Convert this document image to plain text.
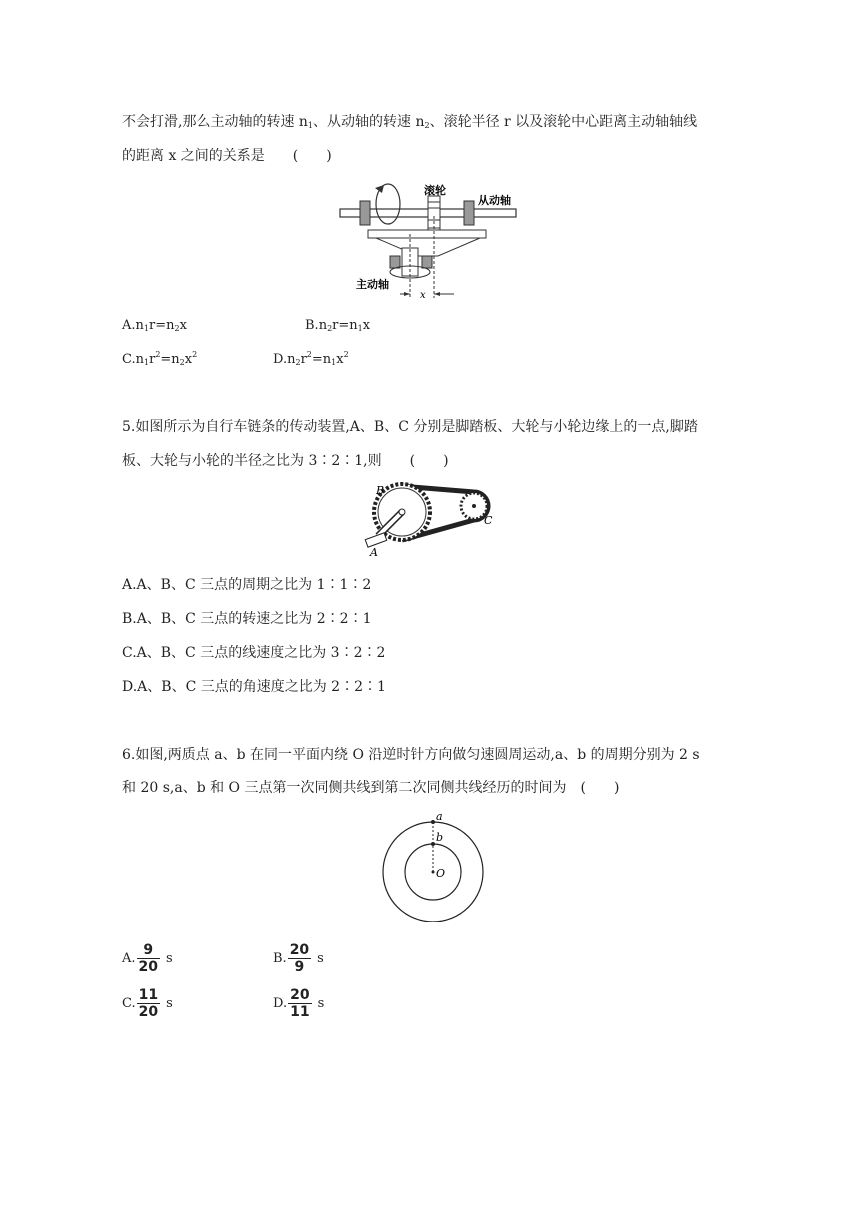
不会打滑,那么主动轴的转速 $n_1$、从动轴的转速 $n_2$、滚轮半径 r 以及滚轮中心距离主动轴轴线
的距离 x 之间的关系是　　(　　)
滚轮
从动轴
主动轴
x
$A.n_1r=n_2x$	$B.n_2r=n_1x$
$C.n_1r^2=n_2x^2$	$D.n_2r^2=n_1x^2$
5.如图所示为自行车链条的传动装置,A、B、C 分别是脚踏板、大轮与小轮边缘上的一点,脚踏
板、大轮与小轮的半径之比为 3∶2∶1,则　　(　　)
B
C
A
A.A、B、C 三点的周期之比为 1∶1∶2
B.A、B、C 三点的转速之比为 2∶2∶1
C.A、B、C 三点的线速度之比为 3∶2∶2
D.A、B、C 三点的角速度之比为 2∶2∶1
6.如图,两质点 a、b 在同一平面内绕 O 沿逆时针方向做匀速圆周运动,a、b 的周期分别为 2 s
和 20 s,a、b 和 O 三点第一次同侧共线到第二次同侧共线经历的时间为　(　　)
a
b
O
A. $\frac{9}{20}$ s	B. $\frac{20}{9}$ s
C. $\frac{11}{20}$ s	D. $\frac{20}{11}$ s
